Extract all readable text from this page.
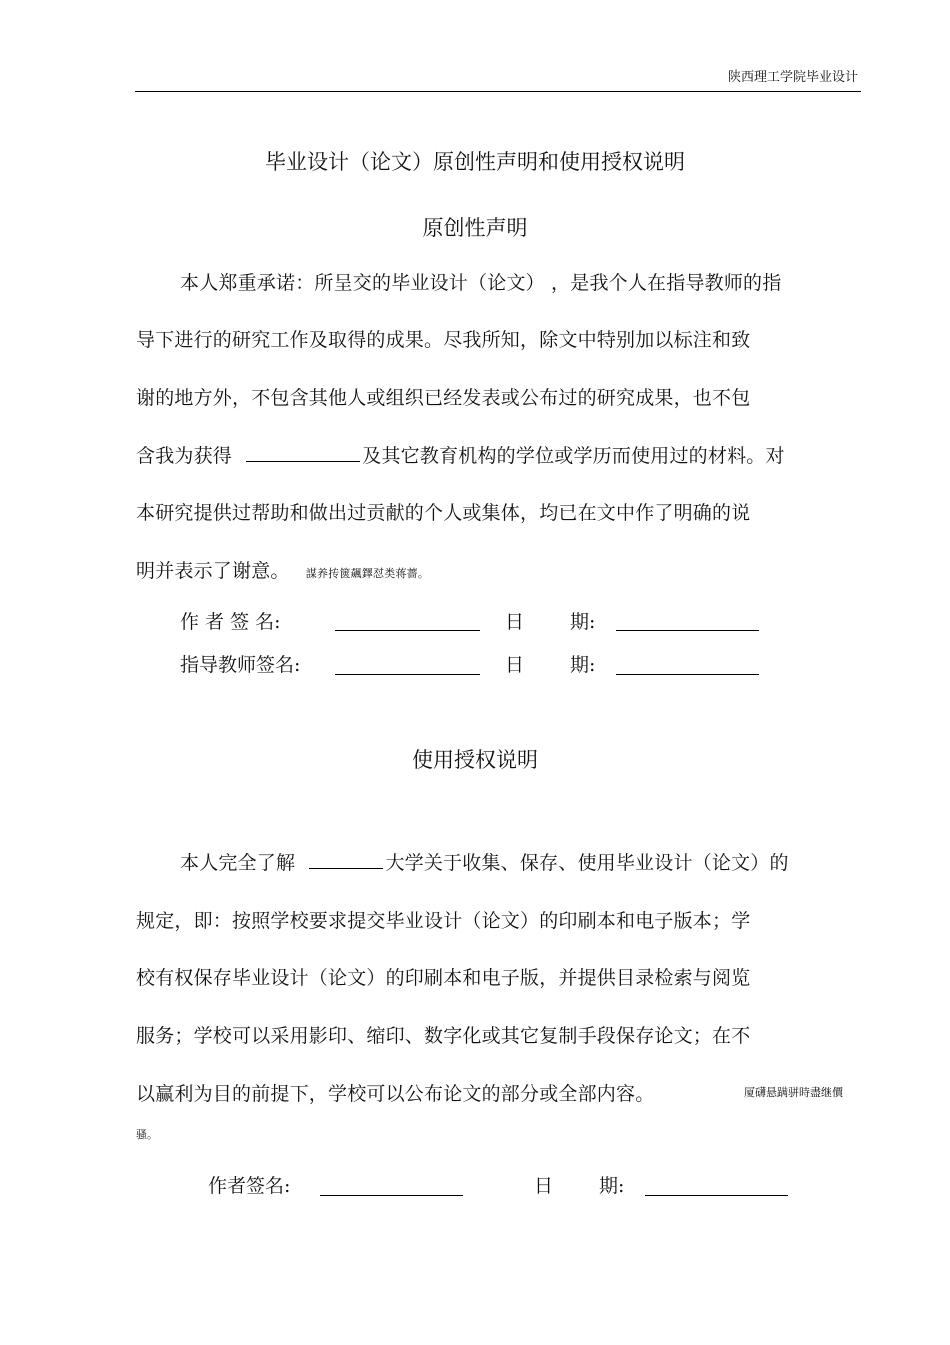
陕西理工学院毕业设计
毕业设计（论文）原创性声明和使用授权说明
原创性声明
本人郑重承诺：所呈交的毕业设计（论文） ，是我个人在指导教师的指
导下进行的研究工作及取得的成果。尽我所知，除文中特别加以标注和致
谢的地方外，不包含其他人或组织已经发表或公布过的研究成果，也不包
含我为获得	及其它教育机构的学位或学历而使用过的材料。对
本研究提供过帮助和做出过贡献的个人或集体，均已在文中作了明确的说
明并表示了谢意。 謀养抟篋飆鐸怼类蒋薔。
作 者 签 名:	日 期:
指导教师签名:	日 期:
使用授权说明
本人完全了解	大学关于收集、保存、使用毕业设计（论文）的
规定，即：按照学校要求提交毕业设计（论文）的印刷本和电子版本；学
校有权保存毕业设计（论文）的印刷本和电子版，并提供目录检索与阅览
服务；学校可以采用影印、缩印、数字化或其它复制手段保存论文；在不
以赢利为目的前提下，学校可以公布论文的部分或全部内容。	厦礴悬蹒骈時盡继價
骚。
作者签名:	日 期:
